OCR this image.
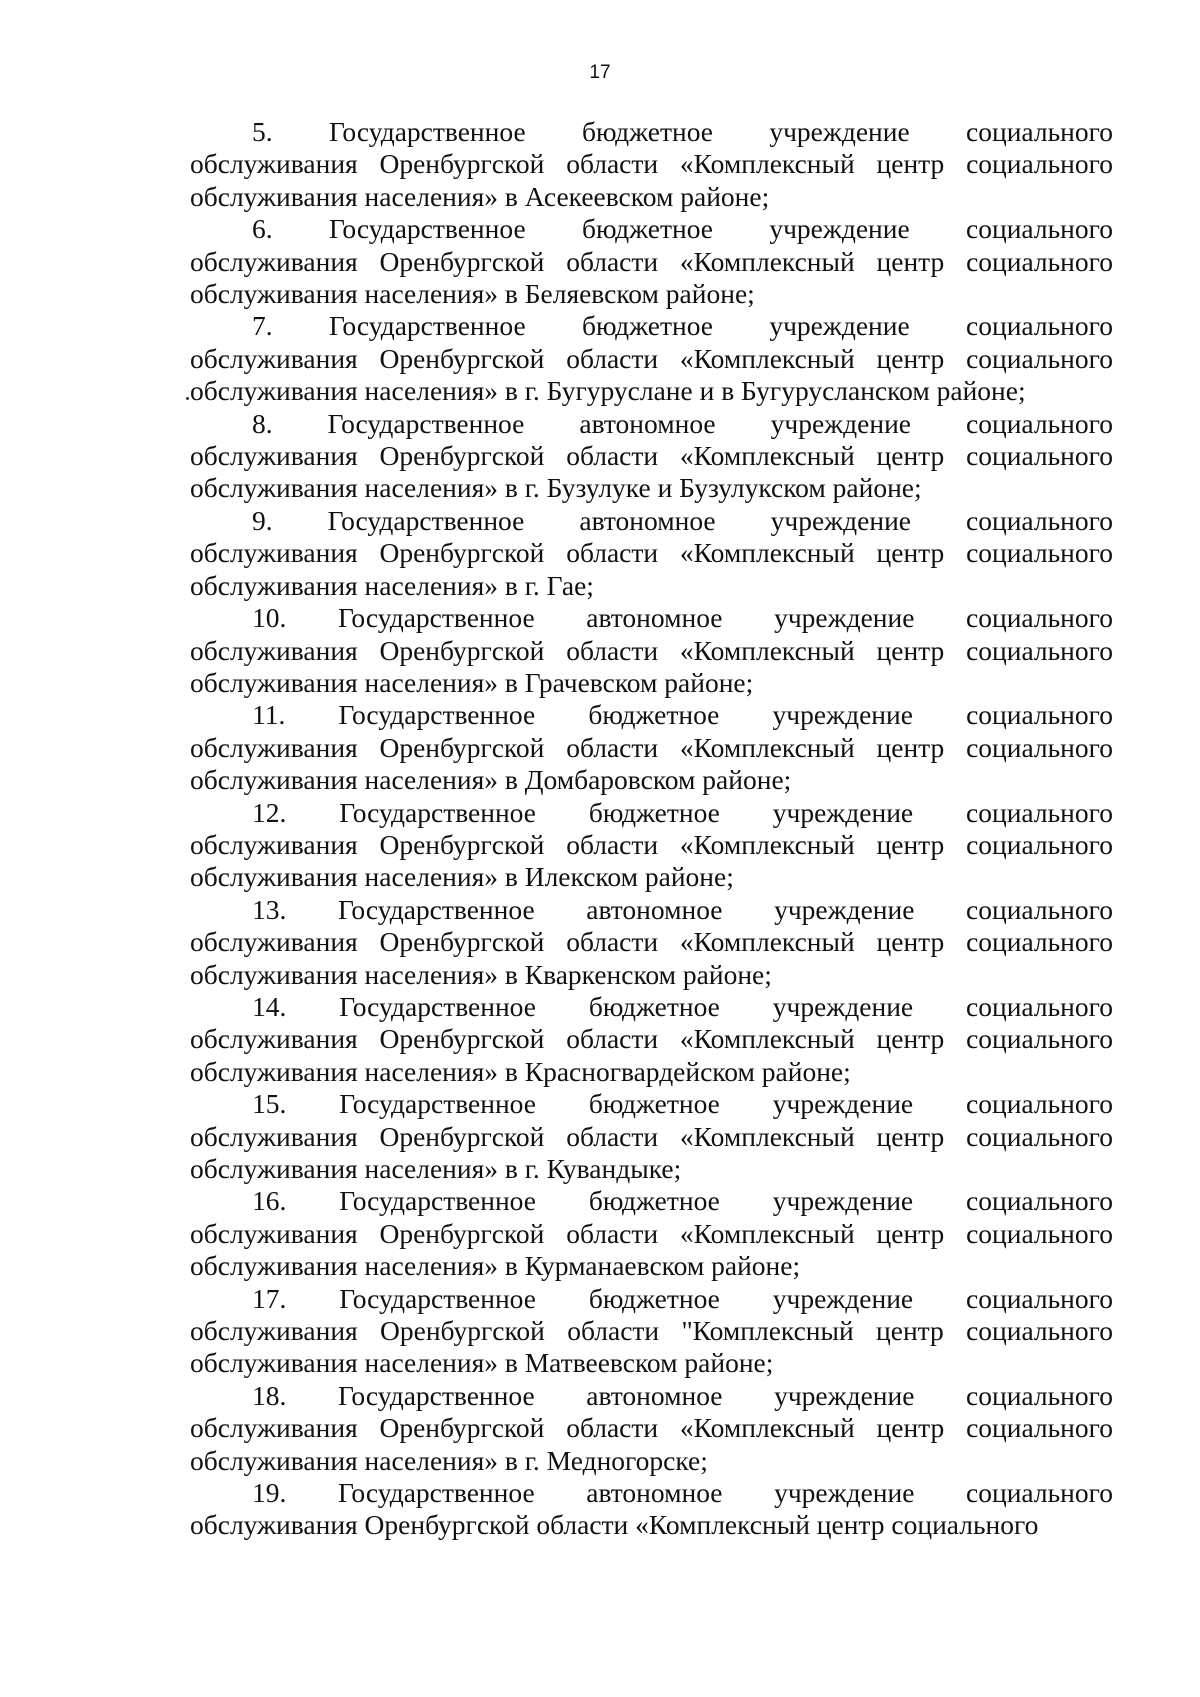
17

5. Государственное бюджетное учреждение социального
обслуживания Оренбургской области «Комплексный центр социального обслуживания населения» в Асекеевском районе;

6. Государственное бюджетное учреждение социального
обслуживания Оренбургской области «Комплексный центр социального обслуживания населения» в Беляевском районе;

7. Государственное бюджетное учреждение социального
обслуживания Оренбургской области «Комплексный центр социального обслуживания населения» в г. Бугуруслане и в Бугурусланском районе;

8. Государственное автономное учреждение социального
обслуживания Оренбургской области «Комплексный центр социального обслуживания населения» в г. Бузулуке и Бузулукском районе;

9. Государственное автономное учреждение социального
обслуживания Оренбургской области «Комплексный центр социального обслуживания населения» в г. Гае;

10. Государственное автономное учреждение социального
обслуживания Оренбургской области «Комплексный центр социального обслуживания населения» в Грачевском районе;

11. Государственное бюджетное учреждение социального
обслуживания Оренбургской области «Комплексный центр социального обслуживания населения» в Домбаровском районе;

12. Государственное бюджетное учреждение социального
обслуживания Оренбургской области «Комплексный центр социального обслуживания населения» в Илекском районе;

13. Государственное автономное учреждение социального
обслуживания Оренбургской области «Комплексный центр социального обслуживания населения» в Кваркенском районе;

14. Государственное бюджетное учреждение социального
обслуживания Оренбургской области «Комплексный центр социального обслуживания населения» в Красногвардейском районе;

15. Государственное бюджетное учреждение социального
обслуживания Оренбургской области «Комплексный центр социального обслуживания населения» в г. Кувандыке;

16. Государственное бюджетное учреждение социального
обслуживания Оренбургской области «Комплексный центр социального обслуживания населения» в Курманаевском районе;

17. Государственное бюджетное учреждение социального
обслуживания Оренбургской области "Комплексный центр социального обслуживания населения» в Матвеевском районе;

18. Государственное автономное учреждение социального
обслуживания Оренбургской области «Комплексный центр социального обслуживания населения» в г. Медногорске;

19. Государственное автономное учреждение социального
обслуживания Оренбургской области «Комплексный центр социального
